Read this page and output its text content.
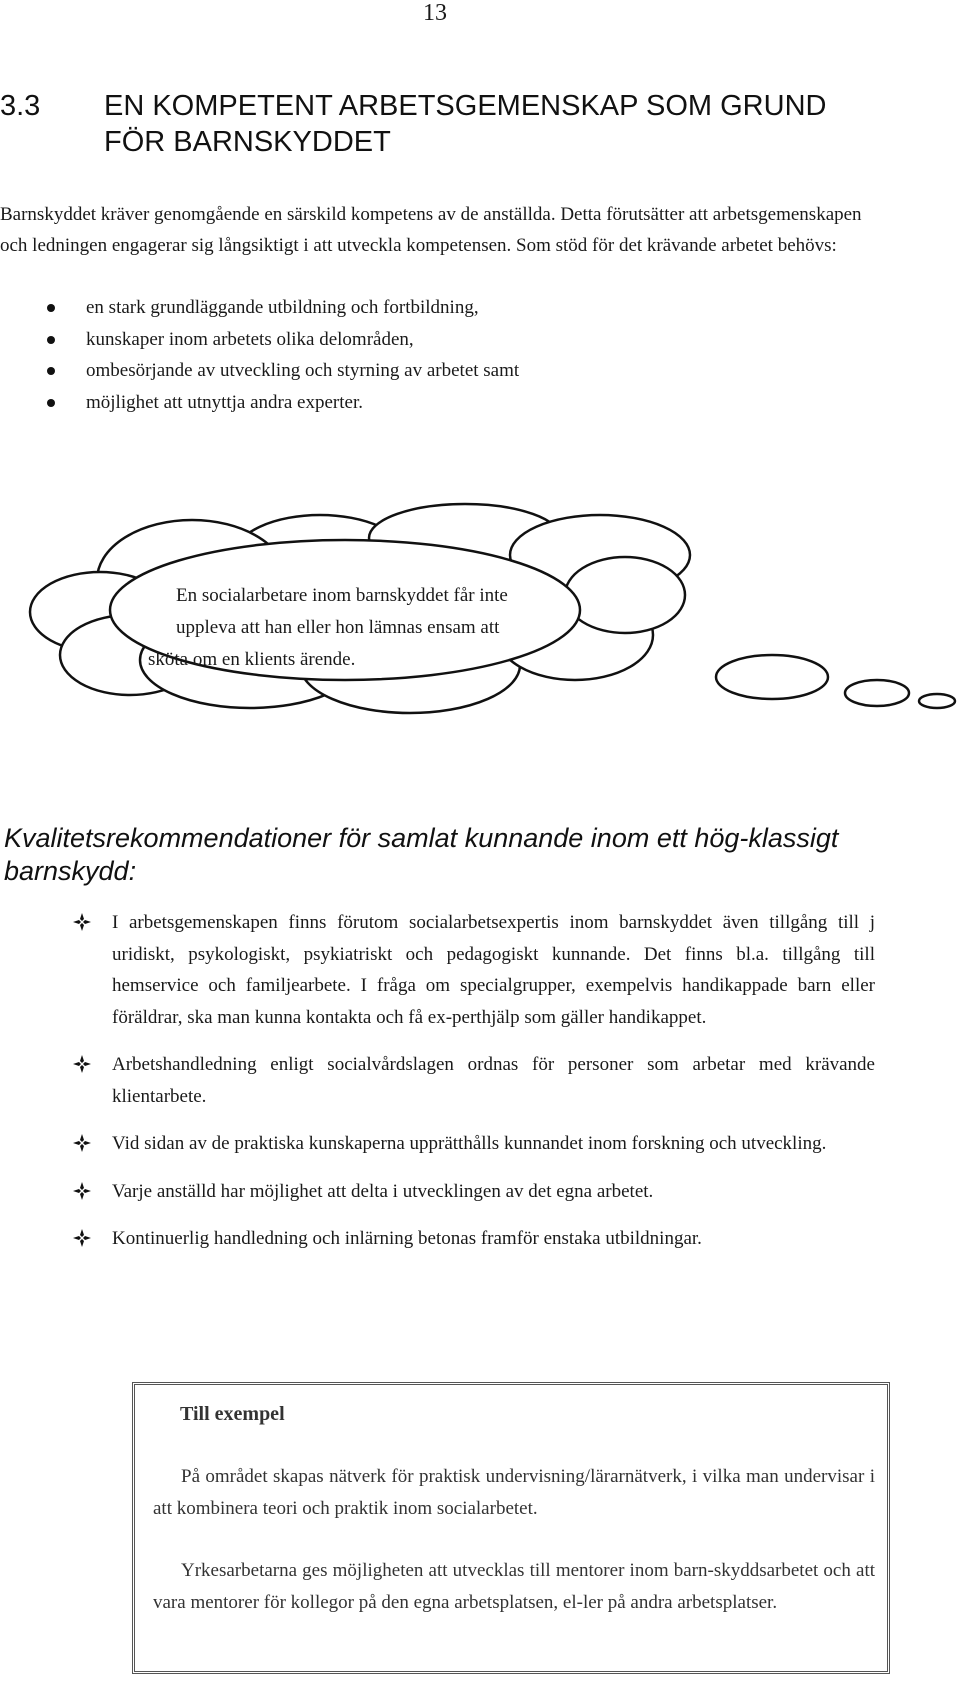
13
3.3 EN KOMPETENT ARBETSGEMENSKAP SOM GRUND FÖR BARNSKYDDET

Barnskyddet kräver genomgående en särskild kompetens av de anställda. Detta förutsätter att arbetsgemenskapen och ledningen engagerar sig långsiktigt i att utveckla kompetensen. Som stöd för det krävande arbetet behövs:

en stark grundläggande utbildning och fortbildning,
kunskaper inom arbetets olika delområden,
ombesörjande av utveckling och styrning av arbetet samt
möjlighet att utnyttja andra experter.
En socialarbetare inom barnskyddet får inte
uppleva att han eller hon lämnas ensam att
sköta om en klients ärende.
Kvalitetsrekommendationer för samlat kunnande inom ett hög-klassigt barnskydd:
I arbetsgemenskapen finns förutom socialarbetsexpertis inom barnskyddet även tillgång till j uridiskt, psykologiskt, psykiatriskt och pedagogiskt kunnande. Det finns bl.a. tillgång till hemservice och familjearbete. I fråga om specialgrupper, exempelvis handikappade barn eller föräldrar, ska man kunna kontakta och få ex-perthjälp som gäller handikappet.
Arbetshandledning enligt socialvårdslagen ordnas för personer som arbetar med krävande klientarbete.
Vid sidan av de praktiska kunskaperna upprätthålls kunnandet inom forskning och utveckling.
Varje anställd har möjlighet att delta i utvecklingen av det egna arbetet.
Kontinuerlig handledning och inlärning betonas framför enstaka utbildningar.
Till exempel

På området skapas nätverk för praktisk undervisning/lärarnätverk, i vilka man undervisar i att kombinera teori och praktik inom socialarbetet.

Yrkesarbetarna ges möjligheten att utvecklas till mentorer inom barn-skyddsarbetet och att vara mentorer för kollegor på den egna arbetsplatsen, el-ler på andra arbetsplatser.
